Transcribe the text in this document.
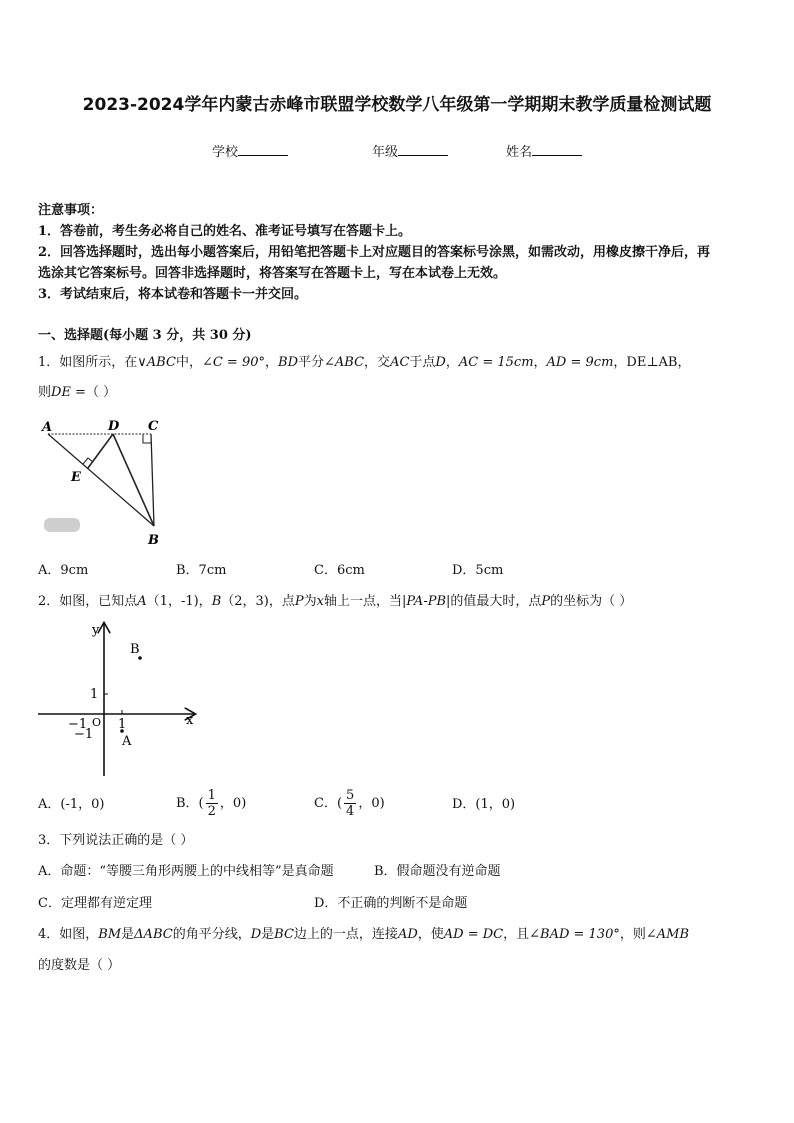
2023-2024学年内蒙古赤峰市联盟学校数学八年级第一学期期末教学质量检测试题
学校	年级	姓名
注意事项：
1．答卷前，考生务必将自己的姓名、准考证号填写在答题卡上。
2．回答选择题时，选出每小题答案后，用铅笔把答题卡上对应题目的答案标号涂黑，如需改动，用橡皮擦干净后，再
选涂其它答案标号。回答非选择题时，将答案写在答题卡上，写在本试卷上无效。
3．考试结束后，将本试卷和答题卡一并交回。
一、选择题(每小题 3 分，共 30 分)
1．如图所示，在∨ABC中，∠C = 90°，BD平分∠ABC，交AC于点D，AC = 15cm，AD = 9cm，DE⊥AB，
则DE =（ ）
A	D C
E
B
A．9cm	B．7cm	C．6cm	D．5cm
2．如图，已知点A（1，-1)，B（2，3)，点P为x轴上一点，当|PA-PB|的值最大时，点P的坐标为（ ）
y
x
B
A
1
−1 O 1
−1
A．(-1，0)	B．( $\frac{1}{2}$ ，0)	C．( $\frac{5}{4}$ ，0)	D．(1，0)
3．下列说法正确的是（ ）
A．命题：“等腰三角形两腰上的中线相等”是真命题	B．假命题没有逆命题
C．定理都有逆定理	D．不正确的判断不是命题
4．如图，BM是ΔABC的角平分线，D是BC边上的一点，连接AD，使AD = DC，且∠BAD = 130°，则∠AMB
的度数是（ ）
